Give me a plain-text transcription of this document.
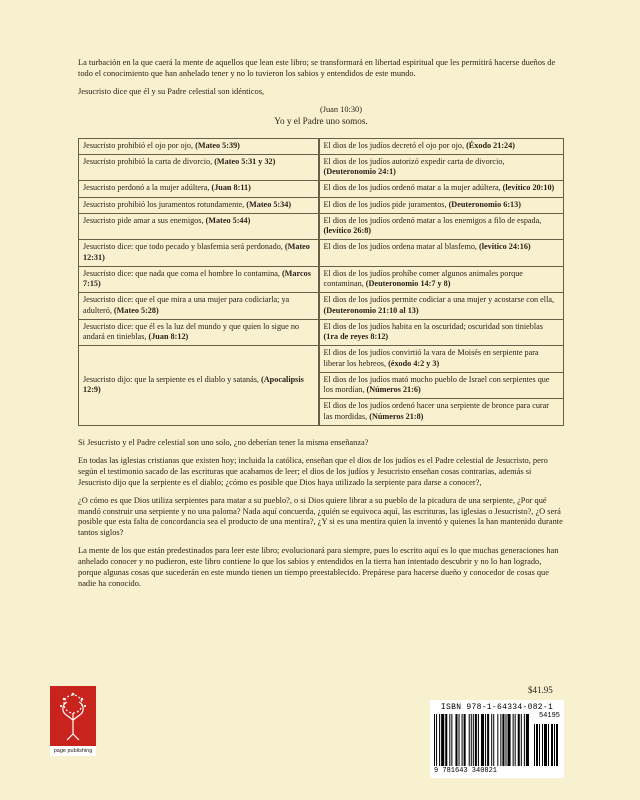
La turbación en la que caerá la mente de aquellos que lean este libro; se transformará en libertad espiritual que les permitirá hacerse dueños de todo el conocimiento que han anhelado tener y no lo tuvieron los sabios y entendidos de este mundo.

Jesucristo dice que él y su Padre celestial son idénticos,

(Juan 10:30)
Yo y el Padre uno somos.
Jesucristo prohibió el ojo por ojo, (Mateo 5:39)	El dios de los judíos decretó el ojo por ojo, (Éxodo 21:24)
Jesucristo prohibió la carta de divorcio, (Mateo 5:31 y 32)	El dios de los judíos autorizó expedir carta de divorcio, (Deuteronomio 24:1)
Jesucristo perdonó a la mujer adúltera, (Juan 8:11)	El dios de los judíos ordenó matar a la mujer adúltera, (levítico 20:10)
Jesucristo prohibió los juramentos rotundamente, (Mateo 5:34)	El dios de los judíos pide juramentos, (Deuteronomio 6:13)
Jesucristo pide amar a sus enemigos, (Mateo 5:44)	El dios de los judíos ordenó matar a los enemigos a filo de espada, (levítico 26:8)
Jesucristo dice: que todo pecado y blasfemia será perdonado, (Mateo 12:31)	El dios de los judíos ordena matar al blasfemo, (levítico 24:16)
Jesucristo dice: que nada que coma el hombre lo contamina, (Marcos 7:15)	El dios de los judíos prohíbe comer algunos animales porque contaminan, (Deuteronomio 14:7 y 8)
Jesucristo dice: que el que mira a una mujer para codiciarla; ya adulteró, (Mateo 5:28)	El dios de los judíos permite codiciar a una mujer y acostarse con ella, (Deuteronomio 21:10 al 13)
Jesucristo dice: que él es la luz del mundo y que quien lo sigue no andará en tinieblas, (Juan 8:12)	El dios de los judíos habita en la oscuridad; oscuridad son tinieblas (1ra de reyes 8:12)
Jesucristo dijo: que la serpiente es el diablo y satanás, (Apocalipsis 12:9)	El dios de los judíos convirtió la vara de Moisés en serpiente para liberar los hebreos, (éxodo 4:2 y 3)
	El dios de los judíos mató mucho pueblo de Israel con serpientes que los mordían, (Números 21:6)
	El dios de los judíos ordenó hacer una serpiente de bronce para curar las mordidas, (Números 21:8)

Si Jesucristo y el Padre celestial son uno solo, ¿no deberían tener la misma enseñanza?

En todas las iglesias cristianas que existen hoy; incluida la católica, enseñan que el dios de los judíos es el Padre celestial de Jesucristo, pero según el testimonio sacado de las escrituras que acabamos de leer; el dios de los judíos y Jesucristo enseñan cosas contrarias, además si Jesucristo dijo que la serpiente es el diablo; ¿cómo es posible que Dios haya utilizado la serpiente para darse a conocer?,

¿O cómo es que Dios utiliza serpientes para matar a su pueblo?, o si Dios quiere librar a su pueblo de la picadura de una serpiente, ¿Por qué mandó construir una serpiente y no una paloma? Nada aquí concuerda, ¿quién se equivoca aquí, las escrituras, las iglesias o Jesucristo?, ¿O será posible que esta falta de concordancia sea el producto de una mentira?, ¿Y si es una mentira quien la inventó y quienes la han mantenido durante tantos siglos?

La mente de los que están predestinados para leer este libro; evolucionará para siempre, pues lo escrito aquí es lo que muchas generaciones han anhelado conocer y no pudieron, este libro contiene lo que los sabios y entendidos en la tierra han intentado descubrir y no lo han logrado, porque algunas cosas que sucederán en este mundo tienen un tiempo preestablecido. Prepárese para hacerse dueño y conocedor de cosas que nadie ha conocido.

page publishing
$41.95
ISBN 978-1-64334-082-1
54195
9 781643 340821
